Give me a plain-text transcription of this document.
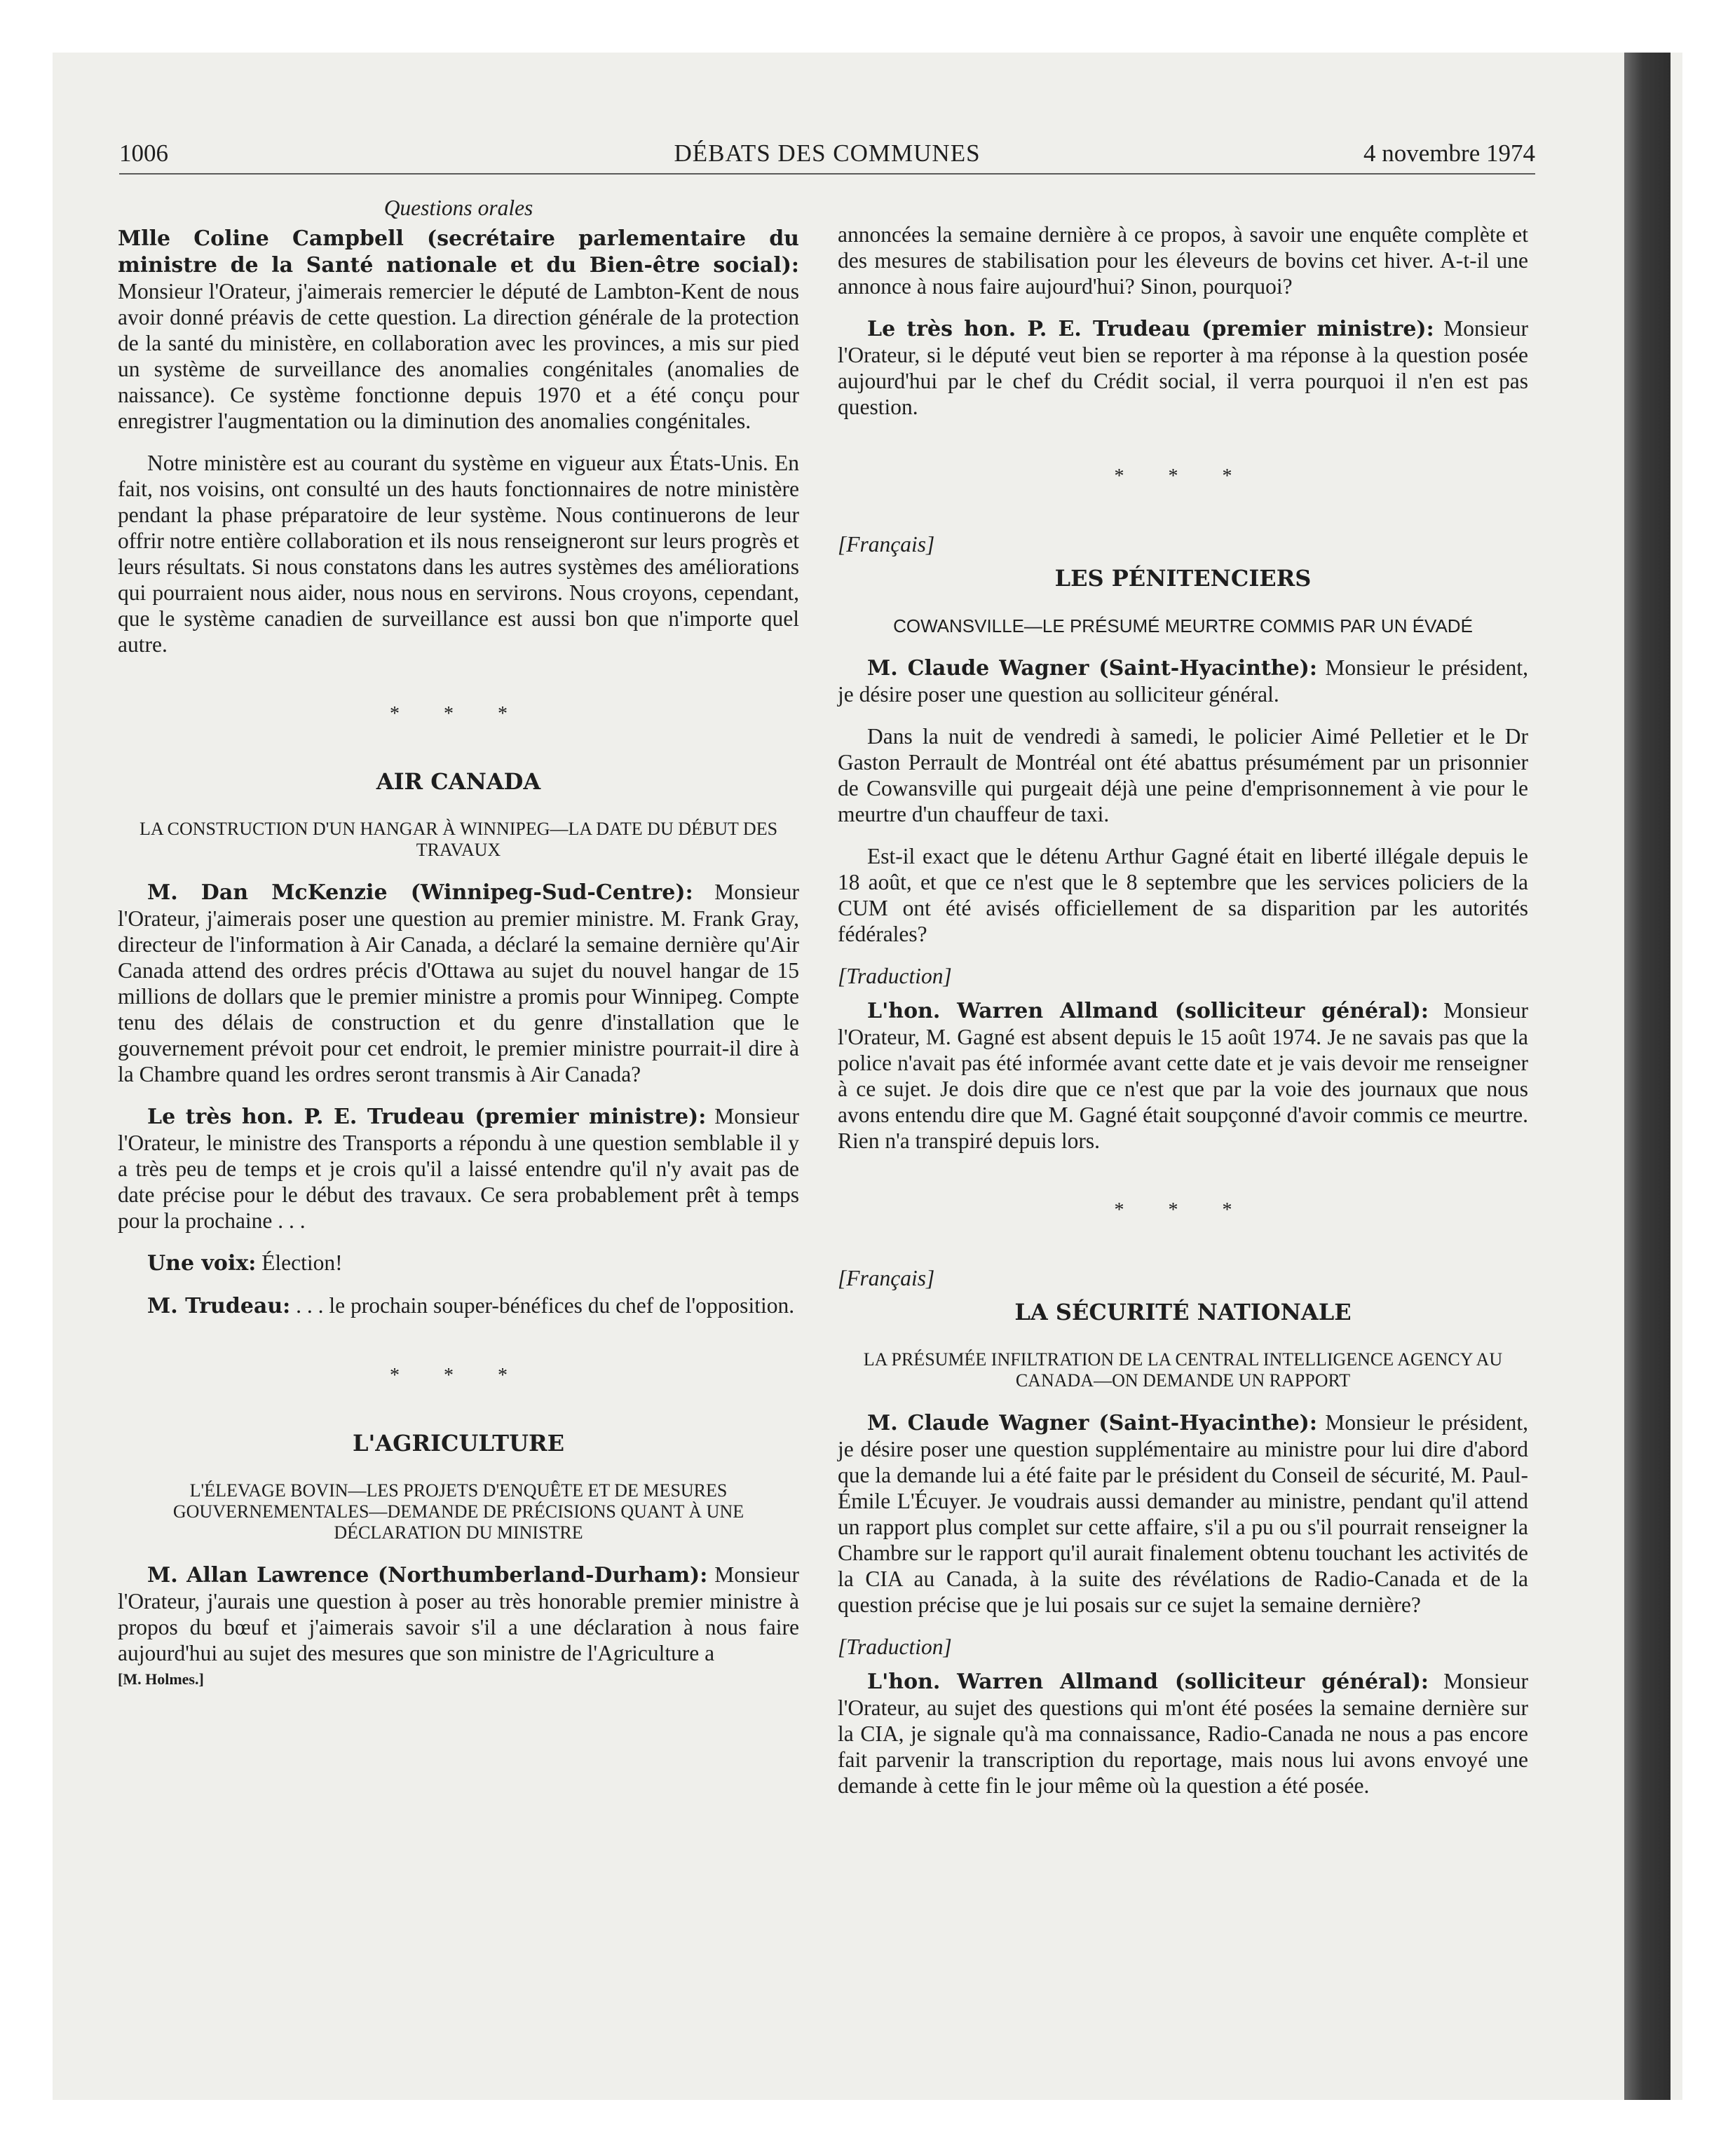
1006	DÉBATS DES COMMUNES	4 novembre 1974
Questions orales

Mlle Coline Campbell (secrétaire parlementaire du ministre de la Santé nationale et du Bien-être social): Monsieur l'Orateur, j'aimerais remercier le député de Lambton-Kent de nous avoir donné préavis de cette question. La direction générale de la protection de la santé du ministère, en collaboration avec les provinces, a mis sur pied un système de surveillance des anomalies congénitales (anomalies de naissance). Ce système fonctionne depuis 1970 et a été conçu pour enregistrer l'augmentation ou la diminution des anomalies congénitales.

Notre ministère est au courant du système en vigueur aux États-Unis. En fait, nos voisins, ont consulté un des hauts fonctionnaires de notre ministère pendant la phase préparatoire de leur système. Nous continuerons de leur offrir notre entière collaboration et ils nous renseigneront sur leurs progrès et leurs résultats. Si nous constatons dans les autres systèmes des améliorations qui pourraient nous aider, nous nous en servirons. Nous croyons, cependant, que le système canadien de surveillance est aussi bon que n'importe quel autre.

* * *
AIR CANADA
LA CONSTRUCTION D'UN HANGAR À WINNIPEG—LA DATE DU DÉBUT DES TRAVAUX

M. Dan McKenzie (Winnipeg-Sud-Centre): Monsieur l'Orateur, j'aimerais poser une question au premier ministre. M. Frank Gray, directeur de l'information à Air Canada, a déclaré la semaine dernière qu'Air Canada attend des ordres précis d'Ottawa au sujet du nouvel hangar de 15 millions de dollars que le premier ministre a promis pour Winnipeg. Compte tenu des délais de construction et du genre d'installation que le gouvernement prévoit pour cet endroit, le premier ministre pourrait-il dire à la Chambre quand les ordres seront transmis à Air Canada?

Le très hon. P. E. Trudeau (premier ministre): Monsieur l'Orateur, le ministre des Transports a répondu à une question semblable il y a très peu de temps et je crois qu'il a laissé entendre qu'il n'y avait pas de date précise pour le début des travaux. Ce sera probablement prêt à temps pour la prochaine . . .

Une voix: Élection!

M. Trudeau: . . . le prochain souper-bénéfices du chef de l'opposition.

* * *
L'AGRICULTURE
L'ÉLEVAGE BOVIN—LES PROJETS D'ENQUÊTE ET DE MESURES GOUVERNEMENTALES—DEMANDE DE PRÉCISIONS QUANT À UNE DÉCLARATION DU MINISTRE

M. Allan Lawrence (Northumberland-Durham): Monsieur l'Orateur, j'aurais une question à poser au très honorable premier ministre à propos du bœuf et j'aimerais savoir s'il a une déclaration à nous faire aujourd'hui au sujet des mesures que son ministre de l'Agriculture a

[M. Holmes.]

annoncées la semaine dernière à ce propos, à savoir une enquête complète et des mesures de stabilisation pour les éleveurs de bovins cet hiver. A-t-il une annonce à nous faire aujourd'hui? Sinon, pourquoi?

Le très hon. P. E. Trudeau (premier ministre): Monsieur l'Orateur, si le député veut bien se reporter à ma réponse à la question posée aujourd'hui par le chef du Crédit social, il verra pourquoi il n'en est pas question.

* * *
[Français]
LES PÉNITENCIERS
COWANSVILLE—LE PRÉSUMÉ MEURTRE COMMIS PAR UN ÉVADÉ

M. Claude Wagner (Saint-Hyacinthe): Monsieur le président, je désire poser une question au solliciteur général.

Dans la nuit de vendredi à samedi, le policier Aimé Pelletier et le Dr Gaston Perrault de Montréal ont été abattus présumément par un prisonnier de Cowansville qui purgeait déjà une peine d'emprisonnement à vie pour le meurtre d'un chauffeur de taxi.

Est-il exact que le détenu Arthur Gagné était en liberté illégale depuis le 18 août, et que ce n'est que le 8 septembre que les services policiers de la CUM ont été avisés officiellement de sa disparition par les autorités fédérales?

[Traduction]

L'hon. Warren Allmand (solliciteur général): Monsieur l'Orateur, M. Gagné est absent depuis le 15 août 1974. Je ne savais pas que la police n'avait pas été informée avant cette date et je vais devoir me renseigner à ce sujet. Je dois dire que ce n'est que par la voie des journaux que nous avons entendu dire que M. Gagné était soupçonné d'avoir commis ce meurtre. Rien n'a transpiré depuis lors.

* * *
[Français]
LA SÉCURITÉ NATIONALE
LA PRÉSUMÉE INFILTRATION DE LA CENTRAL INTELLIGENCE AGENCY AU CANADA—ON DEMANDE UN RAPPORT

M. Claude Wagner (Saint-Hyacinthe): Monsieur le président, je désire poser une question supplémentaire au ministre pour lui dire d'abord que la demande lui a été faite par le président du Conseil de sécurité, M. Paul-Émile L'Écuyer. Je voudrais aussi demander au ministre, pendant qu'il attend un rapport plus complet sur cette affaire, s'il a pu ou s'il pourrait renseigner la Chambre sur le rapport qu'il aurait finalement obtenu touchant les activités de la CIA au Canada, à la suite des révélations de Radio-Canada et de la question précise que je lui posais sur ce sujet la semaine dernière?

[Traduction]

L'hon. Warren Allmand (solliciteur général): Monsieur l'Orateur, au sujet des questions qui m'ont été posées la semaine dernière sur la CIA, je signale qu'à ma connaissance, Radio-Canada ne nous a pas encore fait parvenir la transcription du reportage, mais nous lui avons envoyé une demande à cette fin le jour même où la question a été posée.
